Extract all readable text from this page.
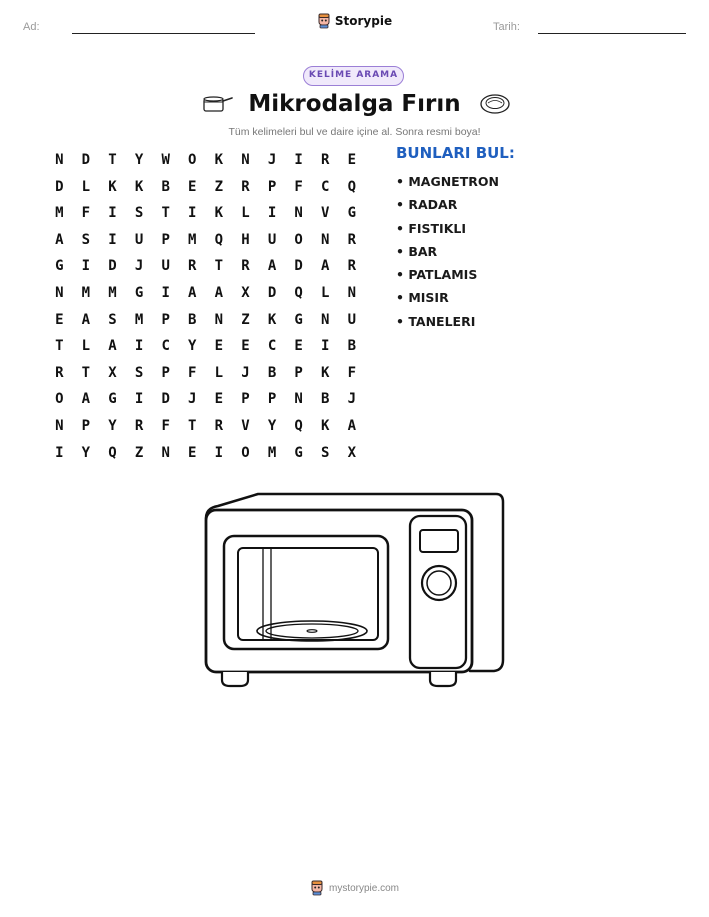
Ad:	Storypie	Tarih:
KELİME ARAMA
Mikrodalga Fırın
Tüm kelimeleri bul ve daire içine al. Sonra resmi boya!
N	D	T	Y	W	O	K	N	J	I	R	E
D	L	K	K	B	E	Z	R	P	F	C	Q
M	F	I	S	T	I	K	L	I	N	V	G
A	S	I	U	P	M	Q	H	U	O	N	R
G	I	D	J	U	R	T	R	A	D	A	R
N	M	M	G	I	A	A	X	D	Q	L	N
E	A	S	M	P	B	N	Z	K	G	N	U
T	L	A	I	C	Y	E	E	C	E	I	B
R	T	X	S	P	F	L	J	B	P	K	F
O	A	G	I	D	J	E	P	P	N	B	J
N	P	Y	R	F	T	R	V	Y	Q	K	A
I	Y	Q	Z	N	E	I	O	M	G	S	X
BUNLARI BUL:
• MAGNETRON
• RADAR
• FISTIKLI
• BAR
• PATLAMIS
• MISIR
• TANELERI
mystorypie.com
